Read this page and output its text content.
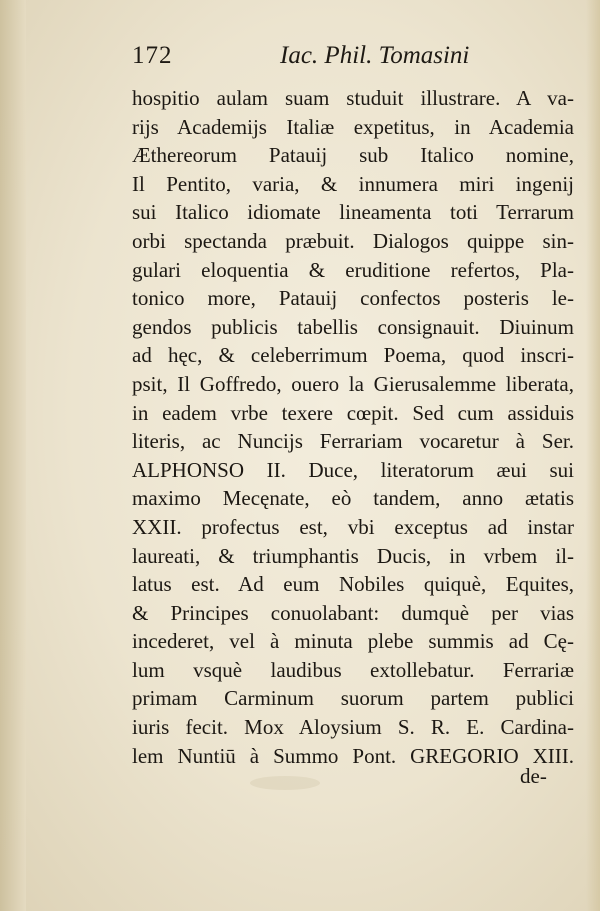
172	Iac. Phil. Tomasini
hospitio aulam suam studuit illustrare. A va-
rijs Academijs Italiæ expetitus, in Academia
Æthereorum Patauij sub Italico nomine,
Il Pentito, varia, & innumera miri ingenij
sui Italico idiomate lineamenta toti Terrarum
orbi spectanda præbuit. Dialogos quippe sin-
gulari eloquentia & eruditione refertos, Pla-
tonico more, Patauij confectos posteris le-
gendos publicis tabellis consignauit. Diuinum
ad hęc, & celeberrimum Poema, quod inscri-
psit, Il Goffredo, ouero la Gierusalemme liberata,
in eadem vrbe texere cœpit. Sed cum assiduis
literis, ac Nuncijs Ferrariam vocaretur à Ser.
ALPHONSO II. Duce, literatorum æui sui
maximo Mecęnate, eò tandem, anno ætatis
XXII. profectus est, vbi exceptus ad instar
laureati, & triumphantis Ducis, in vrbem il-
latus est. Ad eum Nobiles quiquè, Equites,
& Principes conuolabant: dumquè per vias
incederet, vel à minuta plebe summis ad Cę-
lum vsquè laudibus extollebatur. Ferrariæ
primam Carminum suorum partem publici
iuris fecit. Mox Aloysium S. R. E. Cardina-
lem Nuntiū à Summo Pont. GREGORIO XIII.
de-
